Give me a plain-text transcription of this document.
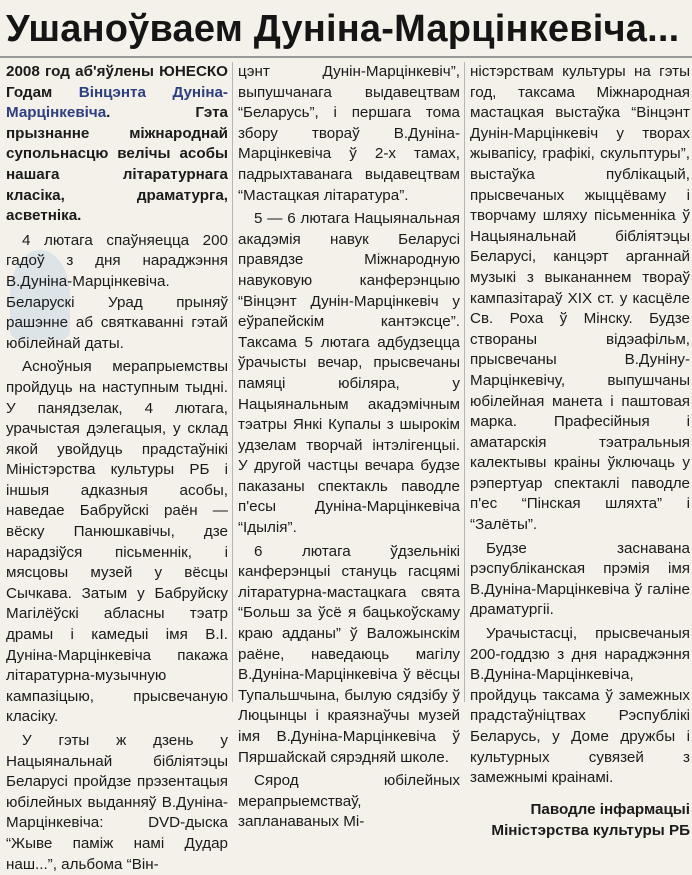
Ушаноўваем Дуніна-Марцінкевіча...
2008 год аб'яўлены ЮНЕСКО Годам Вінцэнта Дуніна-Марцінкевіча. Гэта прызнанне міжнароднай супольнасцю велічы асобы нашага літаратурнага класіка, драматурга, асветніка.

4 лютага спаўняецца 200 гадоў з дня нараджэння В.Дуніна-Марцінкевіча. Беларускі Урад прыняў рашэнне аб святкаванні гэтай юбілейнай даты.

Асноўныя мерапрыемствы пройдуць на наступным тыдні. У панядзелак, 4 лютага, урачыстая дэлегацыя, у склад якой увойдуць прадстаўнікі Міністэрства культуры РБ і іншыя адказныя асобы, наведае Бабруйскі раён — вёску Панюшкавічы, дзе нарадзіўся пісьменнік, і мясцовы музей у вёсцы Сычкава. Затым у Бабруйску Магілёўскі абласны тэатр драмы і камедыі імя В.І. Дуніна-Марцінкевіча пакажа літаратурна-музычную кампазіцыю, прысвечаную класіку.

У гэты ж дзень у Нацыянальнай бібліятэцы Беларусі пройдзе прэзентацыя юбілейных выданняў В.Дуніна-Марцінкевіча: DVD-дыска “Жыве паміж намі Дудар наш...”, альбома “Він-

цэнт Дунін-Марцінкевіч”, выпушчанага выдавецтвам “Беларусь”, і першага тома збору твораў В.Дуніна-Марцінкевіча ў 2-х тамах, падрыхтаванага выдавецтвам “Мастацкая літаратура”.

5 — 6 лютага Нацыянальная акадэмія навук Беларусі правядзе Міжнародную навуковую канферэнцыю “Вінцэнт Дунін-Марцінкевіч у еўрапейскім кантэксце”. Таксама 5 лютага адбудзецца ўрачысты вечар, прысвечаны памяці юбіляра, у Нацыянальным акадэмічным тэатры Янкі Купалы з шырокім удзелам творчай інтэлігенцыі. У другой частцы вечара будзе паказаны спектакль паводле п'есы Дуніна-Марцінкевіча “Ідылія”.

6 лютага ўдзельнікі канферэнцыі стануць гасцямі літаратурна-мастацкага свята “Больш за ўсё я бацькоўскаму краю адданы” ў Валожынскім раёне, наведаюць магілу В.Дуніна-Марцінкевіча ў вёсцы Тупальшчына, былую сядзібу ў Люцынцы і краязнаўчы музей імя В.Дуніна-Марцінкевіча ў Пяршайскай сярэдняй школе.

Сярод юбілейных мерапрыемстваў, запланаваных Мі-

ністэрствам культуры на гэты год, таксама Міжнародная мастацкая выстаўка “Вінцэнт Дунін-Марцінкевіч у творах жывапісу, графікі, скульптуры”, выстаўка публікацый, прысвечаных жыццёваму і творчаму шляху пісьменніка ў Нацыянальнай бібліятэцы Беларусі, канцэрт арганнай музыкі з выкананнем твораў кампазітараў XIX ст. у касцёле Св. Роха ў Мінску. Будзе створаны відэафільм, прысвечаны В.Дуніну-Марцінкевічу, выпушчаны юбілейная манета і паштовая марка. Прафесійныя і аматарскія тэатральныя калектывы краіны ўключаць у рэпертуар спектаклі паводле п'ес “Пінская шляхта” і “Залёты”.

Будзе заснавана рэспубліканская прэмія імя В.Дуніна-Марцінкевіча ў галіне драматургіі.

Урачыстасці, прысвечаныя 200-годдзю з дня нараджэння В.Дуніна-Марцінкевіча, пройдуць таксама ў замежных прадстаўніцтвах Рэспублікі Беларусь, у Доме дружбы і культурных сувязей з замежнымі краінамі.

Паводле інфармацыі
Міністэрства культуры РБ
